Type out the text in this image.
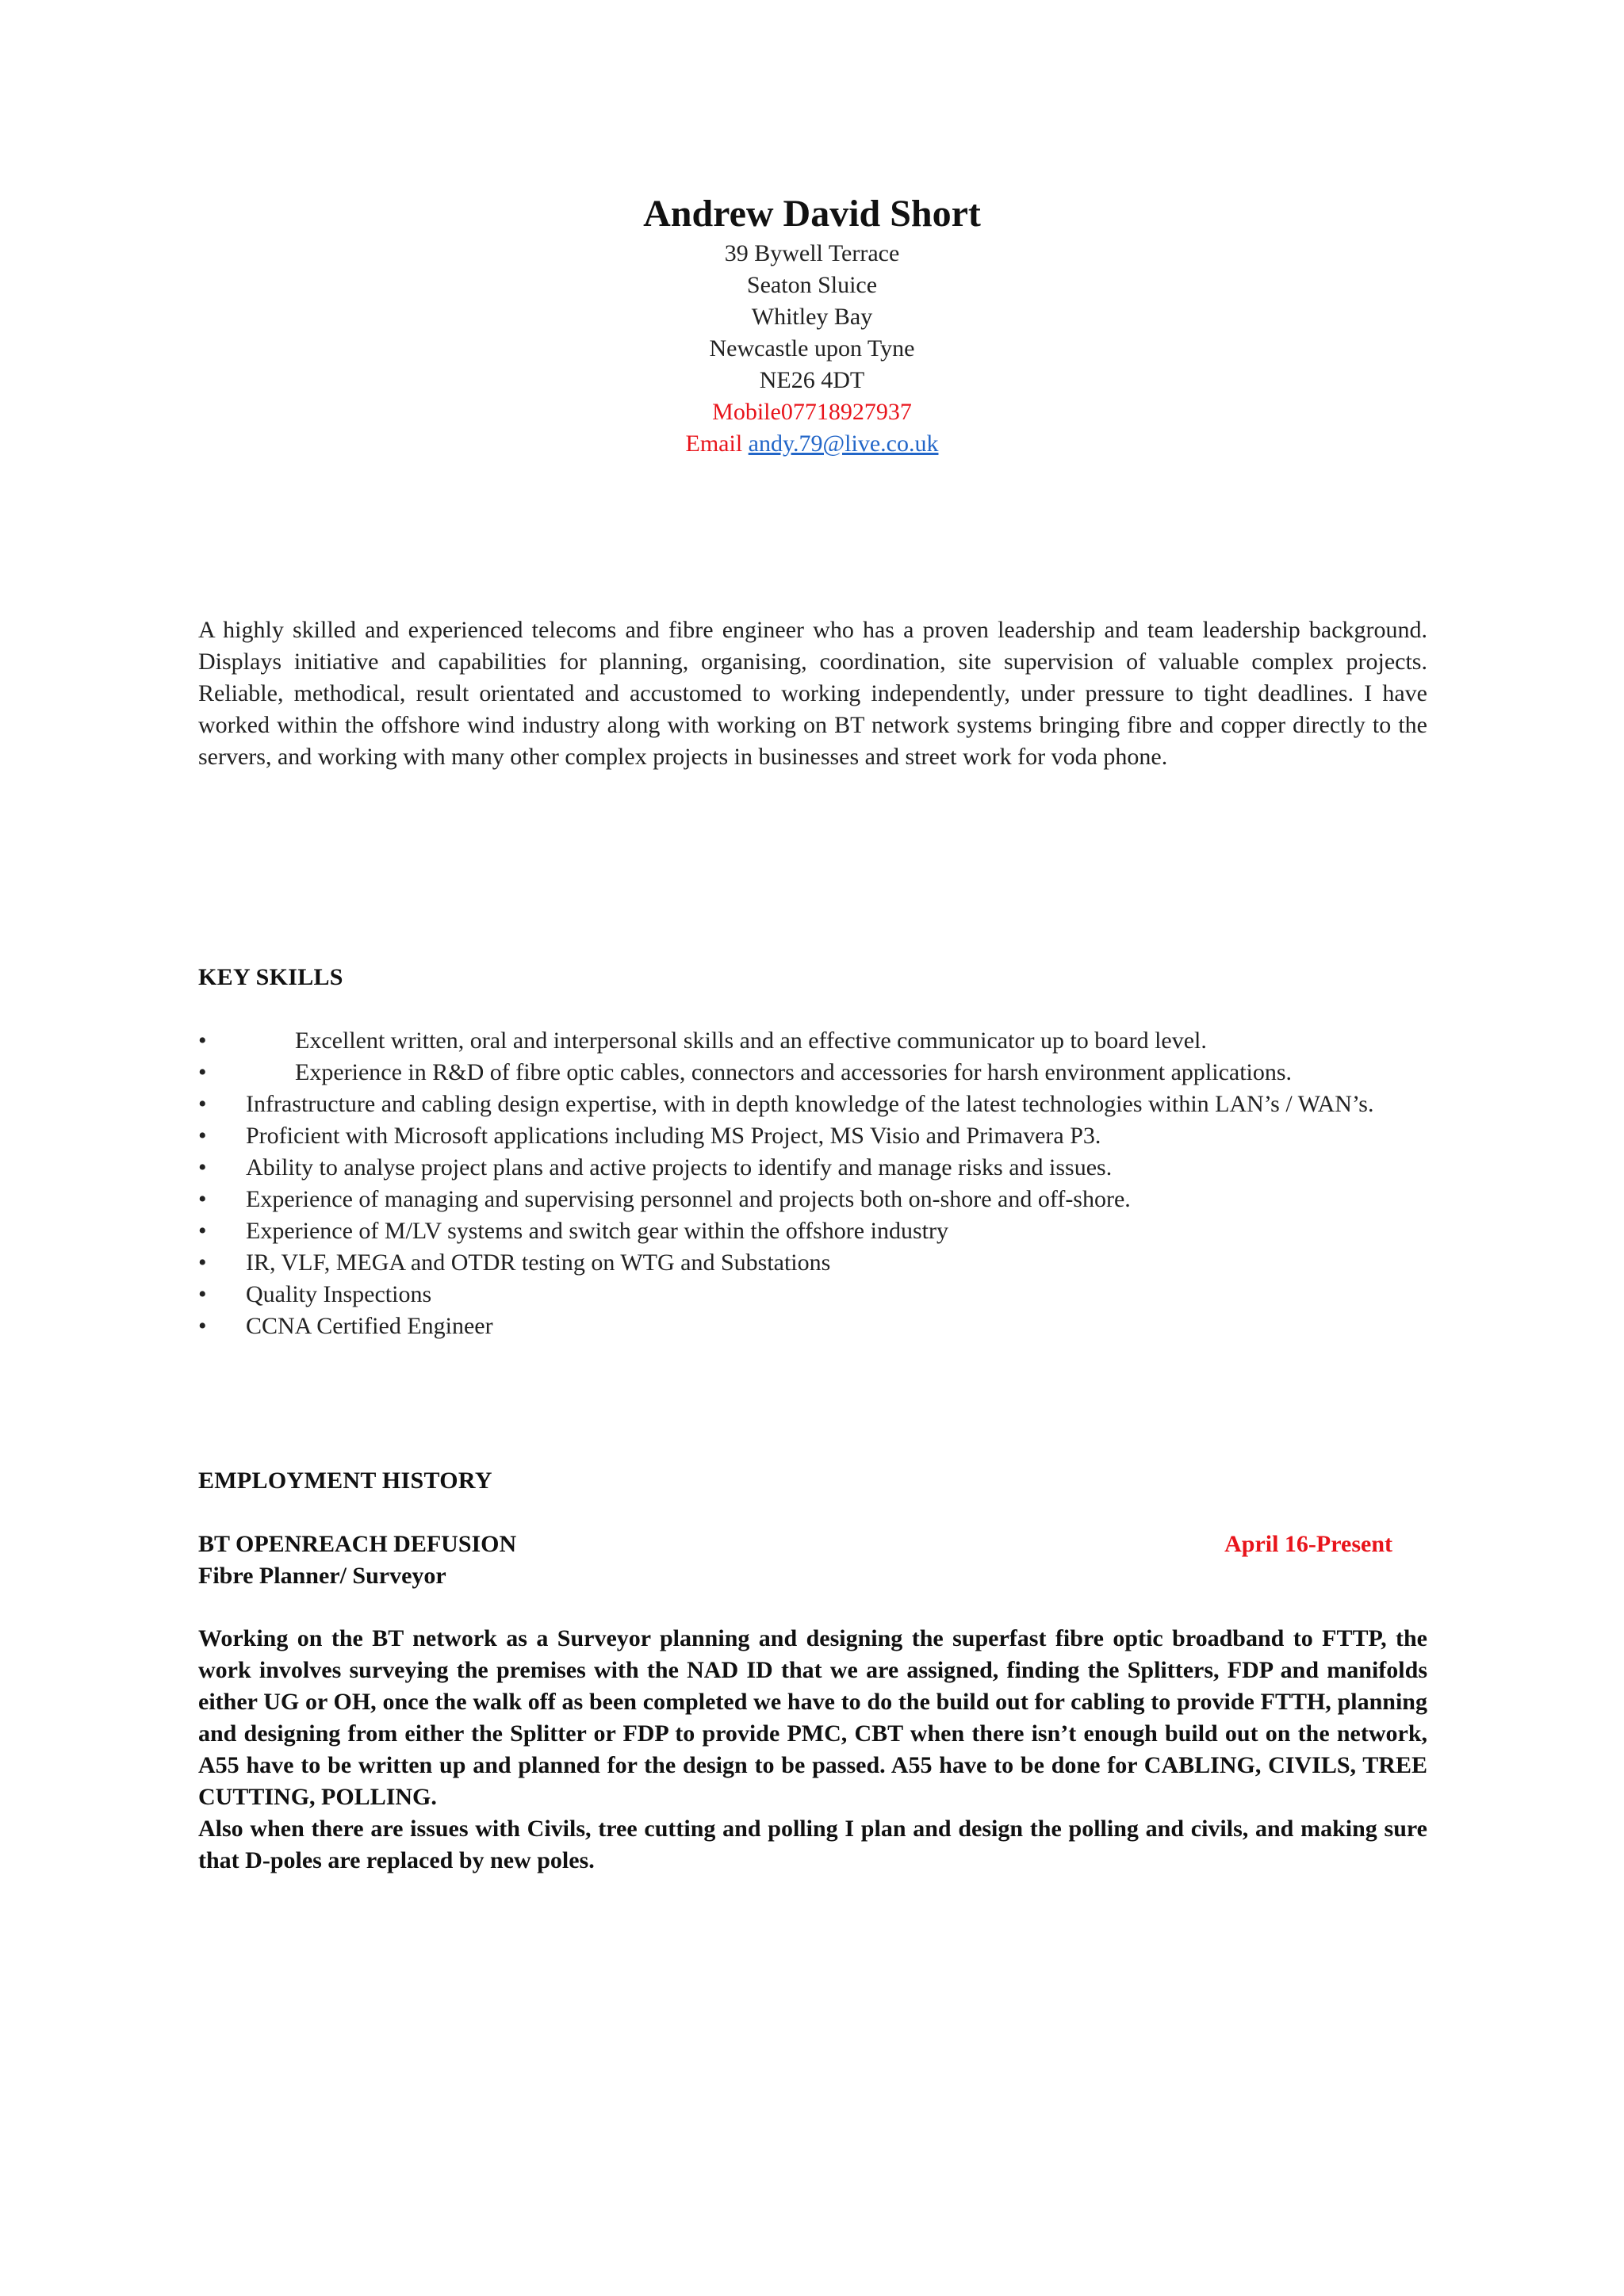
Andrew David Short

39 Bywell Terrace

Seaton Sluice

Whitley Bay

Newcastle upon Tyne

NE26 4DT

Mobile07718927937

Email andy.79@live.co.uk

A highly skilled and experienced telecoms and fibre engineer who has a proven leadership and team leadership background. Displays initiative and capabilities for planning, organising, coordination, site supervision of valuable complex projects. Reliable, methodical, result orientated and accustomed to working independently, under pressure to tight deadlines. I have worked within the offshore wind industry along with working on BT network systems bringing fibre and copper directly to the servers, and working with many other complex projects in businesses and street work for voda phone.

KEY SKILLS

•	Excellent written, oral and interpersonal skills and an effective communicator up to board level.
•	Experience in R&D of fibre optic cables, connectors and accessories for harsh environment applications.
• Infrastructure and cabling design expertise, with in depth knowledge of the latest technologies within LAN’s / WAN’s.
• Proficient with Microsoft applications including MS Project, MS Visio and Primavera P3.
• Ability to analyse project plans and active projects to identify and manage risks and issues.
• Experience of managing and supervising personnel and projects both on-shore and off-shore.
• Experience of M/LV systems and switch gear within the offshore industry
• IR, VLF, MEGA and OTDR testing on WTG and Substations
• Quality Inspections
• CCNA Certified Engineer

EMPLOYMENT HISTORY

BT OPENREACH DEFUSION	April 16-Present

Fibre Planner/ Surveyor

Working on the BT network as a Surveyor planning and designing the superfast fibre optic broadband to FTTP, the work involves surveying the premises with the NAD ID that we are assigned, finding the Splitters, FDP and manifolds either UG or OH, once the walk off as been completed we have to do the build out for cabling to provide FTTH, planning and designing from either the Splitter or FDP to provide PMC, CBT when there isn’t enough build out on the network, A55 have to be written up and planned for the design to be passed. A55 have to be done for CABLING, CIVILS, TREE CUTTING, POLLING.
Also when there are issues with Civils, tree cutting and polling I plan and design the polling and civils, and making sure that D-poles are replaced by new poles.
